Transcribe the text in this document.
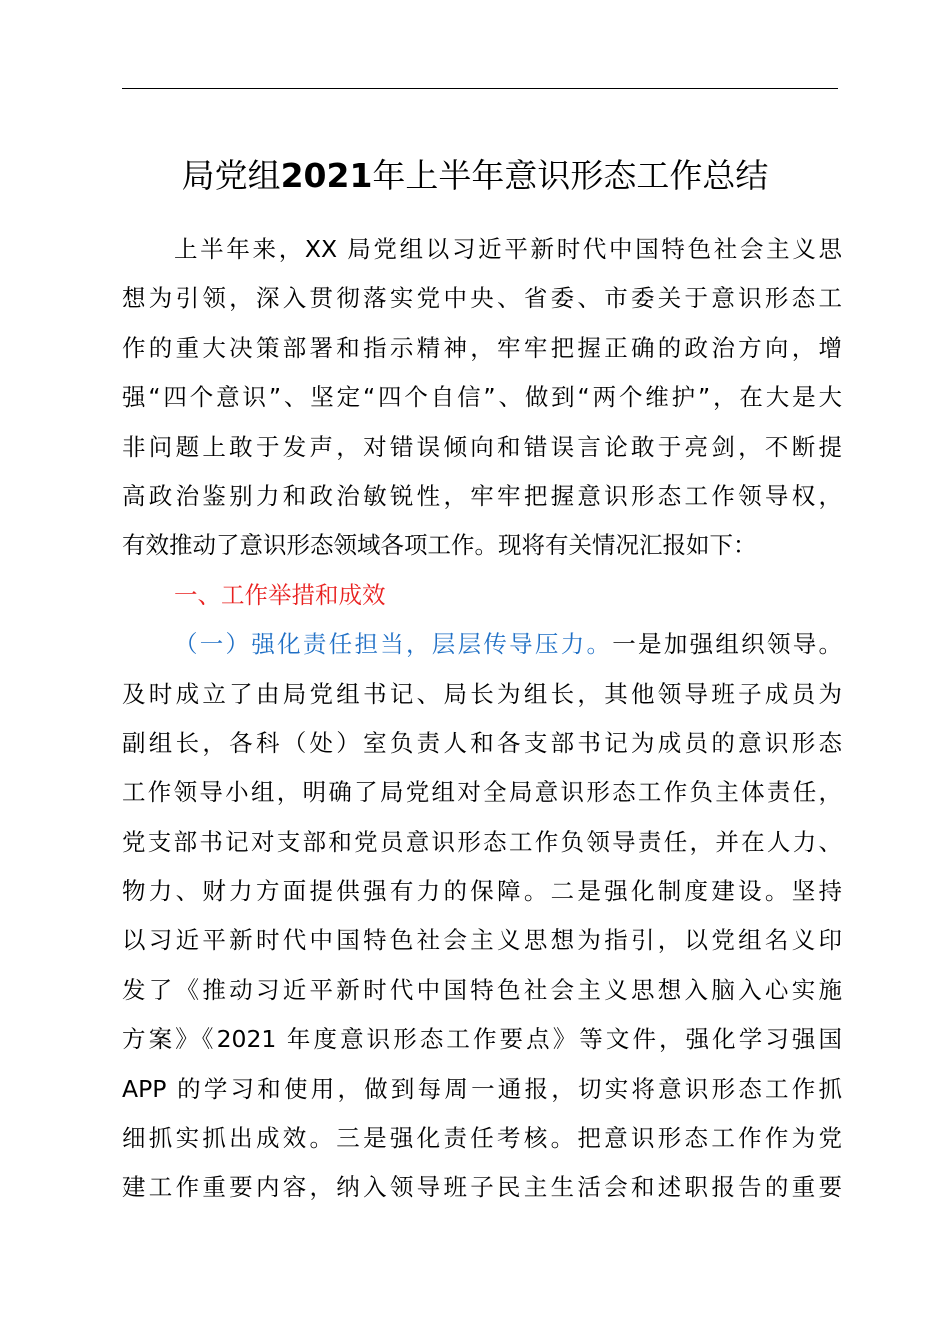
局党组2021年上半年意识形态工作总结
上半年来，XX 局党组以习近平新时代中国特色社会主义思
想为引领，深入贯彻落实党中央、省委、市委关于意识形态工
作的重大决策部署和指示精神，牢牢把握正确的政治方向，增
强“四个意识”、坚定“四个自信”、做到“两个维护”，在大是大
非问题上敢于发声，对错误倾向和错误言论敢于亮剑，不断提
高政治鉴别力和政治敏锐性，牢牢把握意识形态工作领导权，
有效推动了意识形态领域各项工作。现将有关情况汇报如下：
一、工作举措和成效
（一）强化责任担当，层层传导压力。一是加强组织领导。
及时成立了由局党组书记、局长为组长，其他领导班子成员为
副组长，各科（处）室负责人和各支部书记为成员的意识形态
工作领导小组，明确了局党组对全局意识形态工作负主体责任，
党支部书记对支部和党员意识形态工作负领导责任，并在人力、
物力、财力方面提供强有力的保障。二是强化制度建设。坚持
以习近平新时代中国特色社会主义思想为指引，以党组名义印
发了《推动习近平新时代中国特色社会主义思想入脑入心实施
方案》《2021 年度意识形态工作要点》等文件，强化学习强国
APP 的学习和使用，做到每周一通报，切实将意识形态工作抓
细抓实抓出成效。三是强化责任考核。把意识形态工作作为党
建工作重要内容，纳入领导班子民主生活会和述职报告的重要
